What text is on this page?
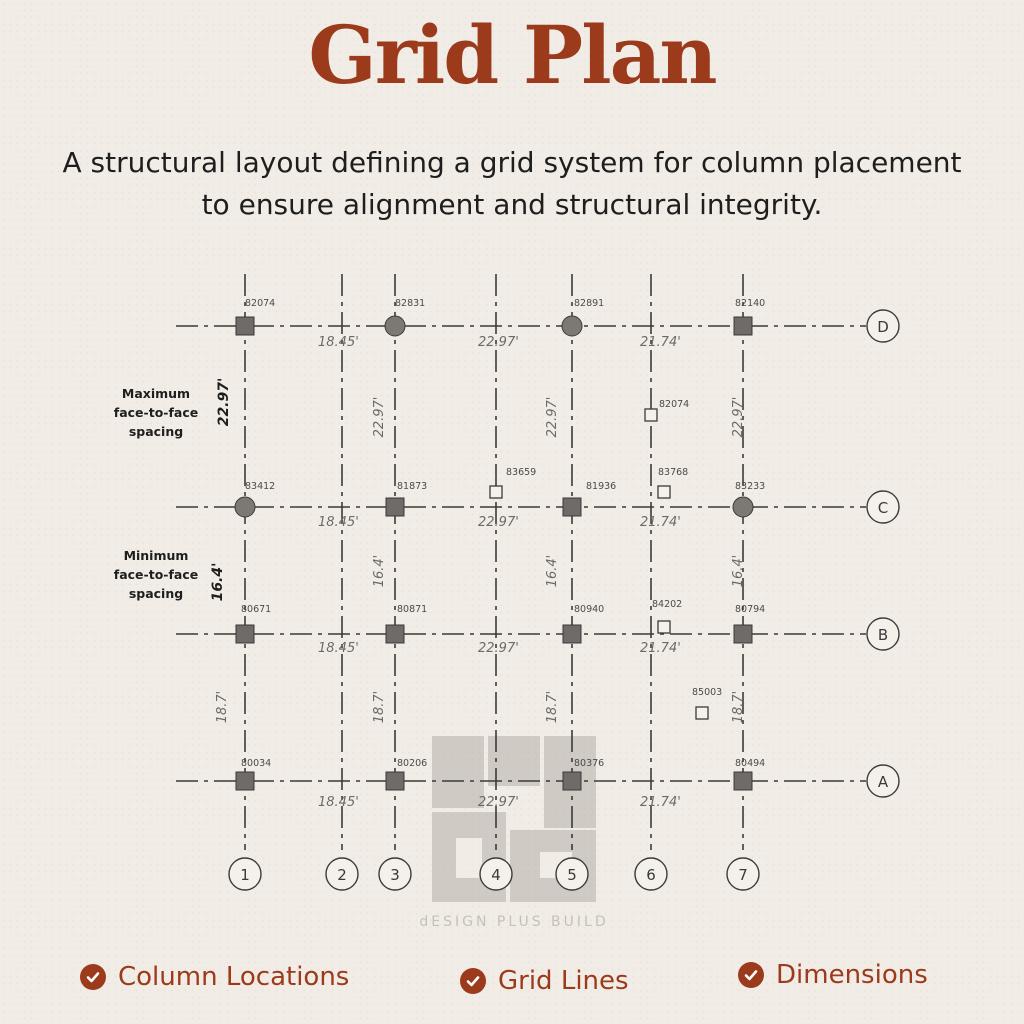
Grid Plan
A structural layout defining a grid system for column placement to ensure alignment and structural integrity.
dESIGN PLUS BUILD
82074	82831	82891	82140
83412	81873	81936	83233
80671	80871	80940	80794
80034	80206	80376	80494
82074
83659	83768
84202
85003
18.45'	22.97'	21.74'
18.45'	22.97'	21.74'
18.45'	22.97'	21.74'
18.45'	22.97'	21.74'
22.97'	22.97'	22.97'
16.4'	16.4'	16.4'
18.7'	18.7'	18.7'	18.7'
1	2	3	4	5	6	7
D
C
B
A
Maximum
face-to-face
spacing
22.97'
Minimum
face-to-face
spacing 16.4'
Column Locations	Grid Lines	Dimensions
